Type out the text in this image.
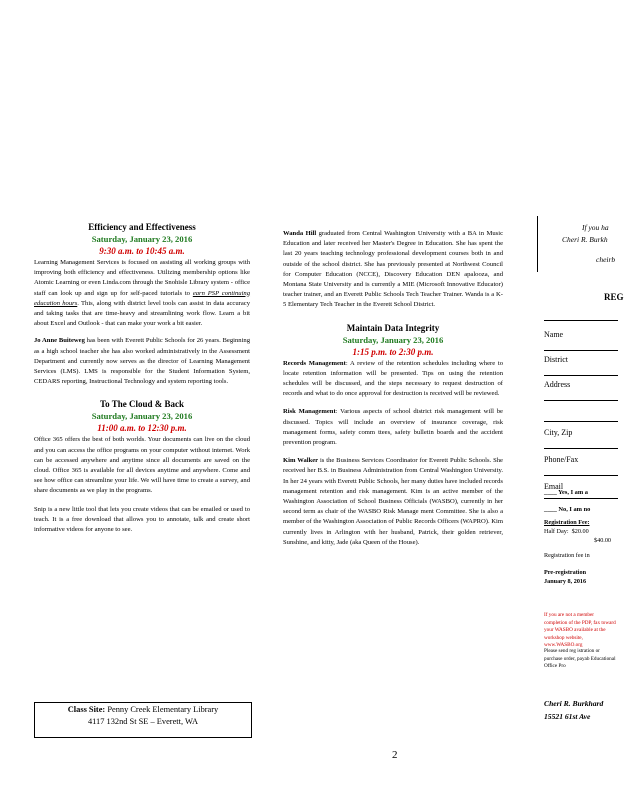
Efficiency and Effectiveness
Saturday, January 23, 2016
9:30 a.m. to 10:45 a.m.

Learning Management Services is focused on assisting all working groups with improving both efficiency and effectiveness. Utilizing membership options like Atomic Learning or even Linda.com through the Snohisle Library system - office staff can look up and sign up for self-paced tutorials to earn PSP continuing education hours. This, along with district level tools can assist in data accuracy and taking tasks that are time-heavy and streamlining work flow. Learn a bit about Excel and Outlook - that can make your work a bit easier.

Jo Anne Buiteweg has been with Everett Public Schools for 26 years. Beginning as a high school teacher she has also worked administratively in the Assessment Department and currently now serves as the director of Learning Management Services (LMS). LMS is responsible for the Student Information System, CEDARS reporting, Instructional Technology and system reporting tools.

To The Cloud & Back
Saturday, January 23, 2016
11:00 a.m. to 12:30 p.m.

Office 365 offers the best of both worlds. Your documents can live on the cloud and you can access the office programs on your computer without internet. Work can be accessed anywhere and anytime since all documents are saved on the cloud. Office 365 is available for all devices anytime and anywhere. Come and see how office can streamline your life. We will have time to create a survey, and share documents as we play in the programs.

Snip is a new little tool that lets you create videos that can be emailed or used to teach. It is a free download that allows you to annotate, talk and create short informative videos for anyone to see.

Class Site: Penny Creek Elementary Library
4117 132nd St SE – Everett, WA

Wanda Hill graduated from Central Washington University with a BA in Music Education and later received her Master's Degree in Education. She has spent the last 20 years teaching technology professional development courses both in and outside of the school district. She has previously presented at Northwest Council for Computer Education (NCCE), Discovery Education DEN apalooza, and Montana State University and is currently a MIE (Microsoft Innovative Educator) teacher trainer, and an Everett Public Schools Tech Teacher Trainer. Wanda is a K-5 Elementary Tech Teacher in the Everett School District.

Maintain Data Integrity
Saturday, January 23, 2016
1:15 p.m. to 2:30 p.m.

Records Management: A review of the retention schedules including where to locate retention information will be presented. Tips on using the retention schedules will be discussed, and the steps necessary to request destruction of records and what to do once approval for destruction is received will be reviewed.

Risk Management: Various aspects of school district risk management will be discussed. Topics will include an overview of insurance coverage, risk management forms, safety comm ttees, safety bulletin boards and the accident prevention program.

Kim Walker is the Business Services Coordinator for Everett Public Schools. She received her B.S. in Business Administration from Central Washington University. In her 24 years with Everett Public Schools, her many duties have included records management retention and risk management. Kim is an active member of the Washington Association of School Business Officials (WASBO), currently in her second term as chair of the WASBO Risk Manage ment Committee. She is also a member of the Washington Association of Public Records Officers (WAPRO). Kim currently lives in Arlington with her husband, Patrick, their golden retriever, Sunshine, and kitty, Jade (aka Queen of the House).

2
If you ha
Cheri R. Burkh
cheirb
REG
Name
District
Address
City, Zip
Phone/Fax
Email
____ Yes, I am a
____ No, I am no
Registration Fee:
Half Day: $20.00
$40.00
Registration fee in
Pre-registration
January 8, 2016
If you are not a member completion of the PDP, fax toward your WASBO available at the workshop website, www.WASBO.org
Please send reg istration or purchase order, payab Educational Office Pro
Cheri R. Burkhard
15521 61st Ave
